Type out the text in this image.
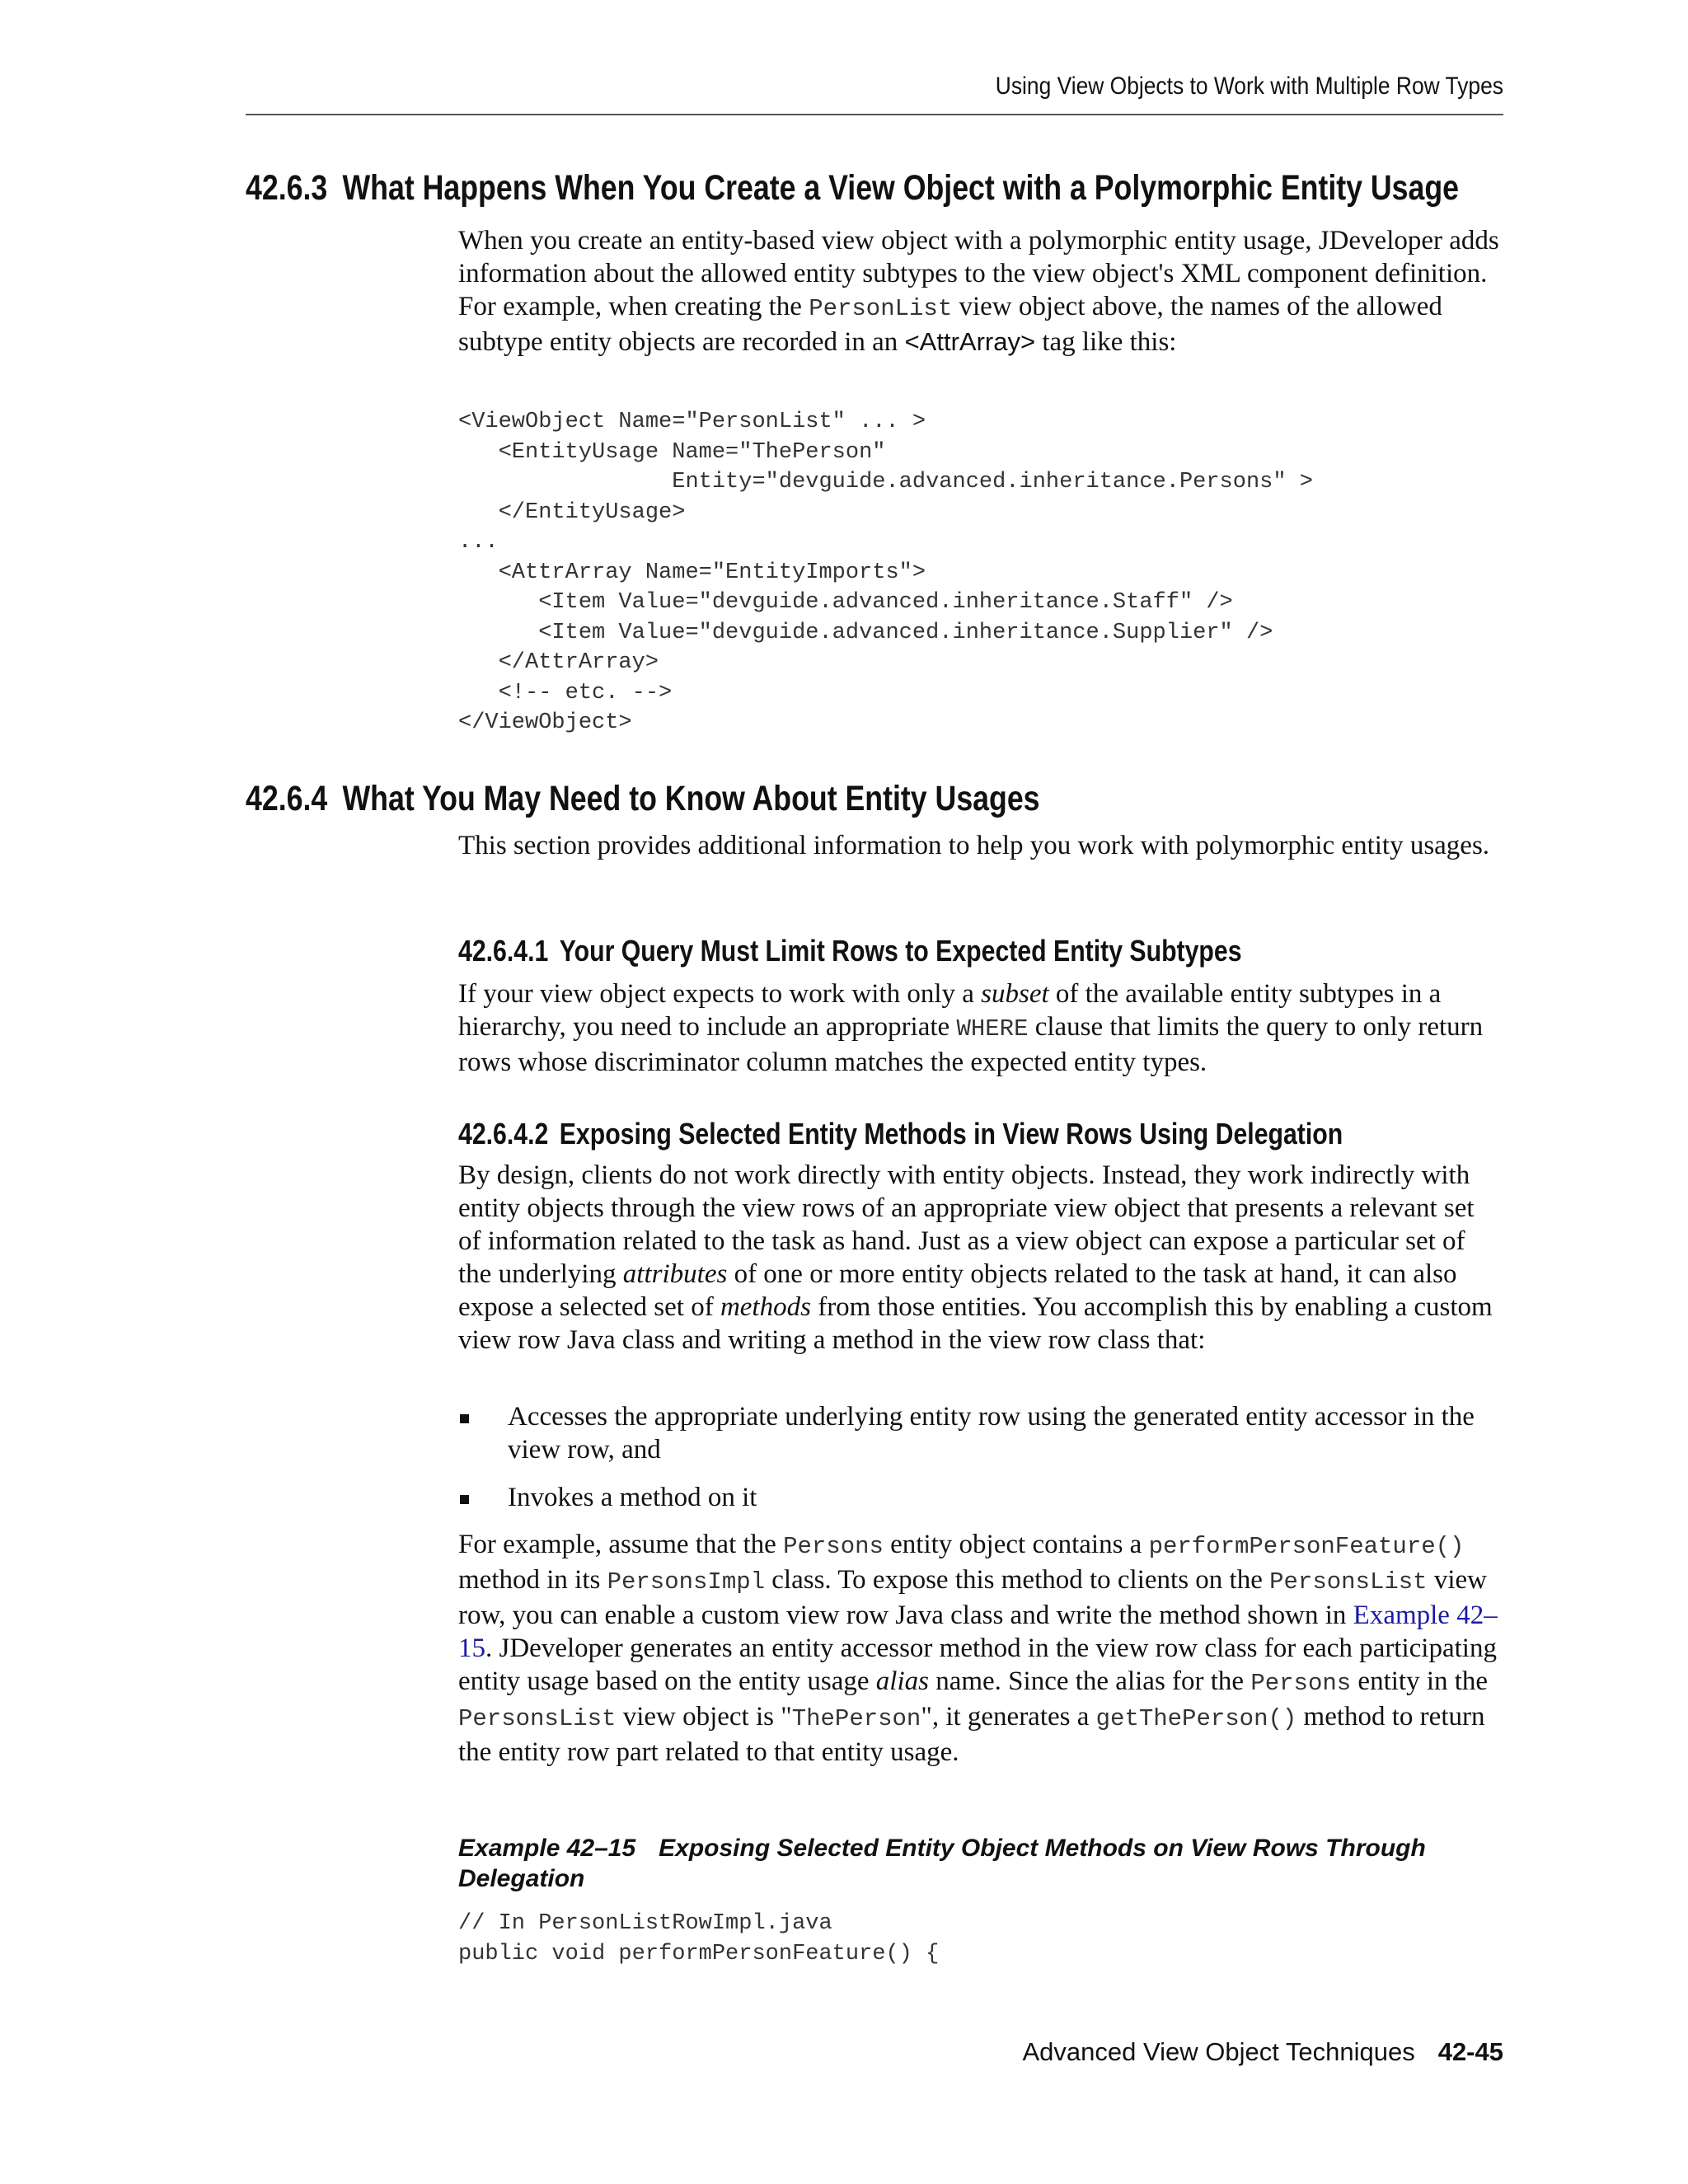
Using View Objects to Work with Multiple Row Types
42.6.3 What Happens When You Create a View Object with a Polymorphic Entity Usage

When you create an entity-based view object with a polymorphic entity usage, JDeveloper adds information about the allowed entity subtypes to the view object's XML component definition. For example, when creating the PersonList view object above, the names of the allowed subtype entity objects are recorded in an <AttrArray> tag like this:

<ViewObject Name="PersonList" ... >
<EntityUsage Name="ThePerson"
Entity="devguide.advanced.inheritance.Persons" >
</EntityUsage>
...
<AttrArray Name="EntityImports">
<Item Value="devguide.advanced.inheritance.Staff" />
<Item Value="devguide.advanced.inheritance.Supplier" />
</AttrArray>
<!-- etc. -->
</ViewObject>
42.6.4 What You May Need to Know About Entity Usages

This section provides additional information to help you work with polymorphic entity usages.

42.6.4.1 Your Query Must Limit Rows to Expected Entity Subtypes

If your view object expects to work with only a subset of the available entity subtypes in a hierarchy, you need to include an appropriate WHERE clause that limits the query to only return rows whose discriminator column matches the expected entity types.

42.6.4.2 Exposing Selected Entity Methods in View Rows Using Delegation

By design, clients do not work directly with entity objects. Instead, they work indirectly with entity objects through the view rows of an appropriate view object that presents a relevant set of information related to the task as hand. Just as a view object can expose a particular set of the underlying attributes of one or more entity objects related to the task at hand, it can also expose a selected set of methods from those entities. You accomplish this by enabling a custom view row Java class and writing a method in the view row class that:

Accesses the appropriate underlying entity row using the generated entity accessor in the view row, and
Invokes a method on it

For example, assume that the Persons entity object contains a performPersonFeature() method in its PersonsImpl class. To expose this method to clients on the PersonsList view row, you can enable a custom view row Java class and write the method shown in Example 42–15. JDeveloper generates an entity accessor method in the view row class for each participating entity usage based on the entity usage alias name. Since the alias for the Persons entity in the PersonsList view object is "ThePerson", it generates a getThePerson() method to return the entity row part related to that entity usage.

Example 42–15 Exposing Selected Entity Object Methods on View Rows Through Delegation

// In PersonListRowImpl.java
public void performPersonFeature() {
Advanced View Object Techniques 42-45
